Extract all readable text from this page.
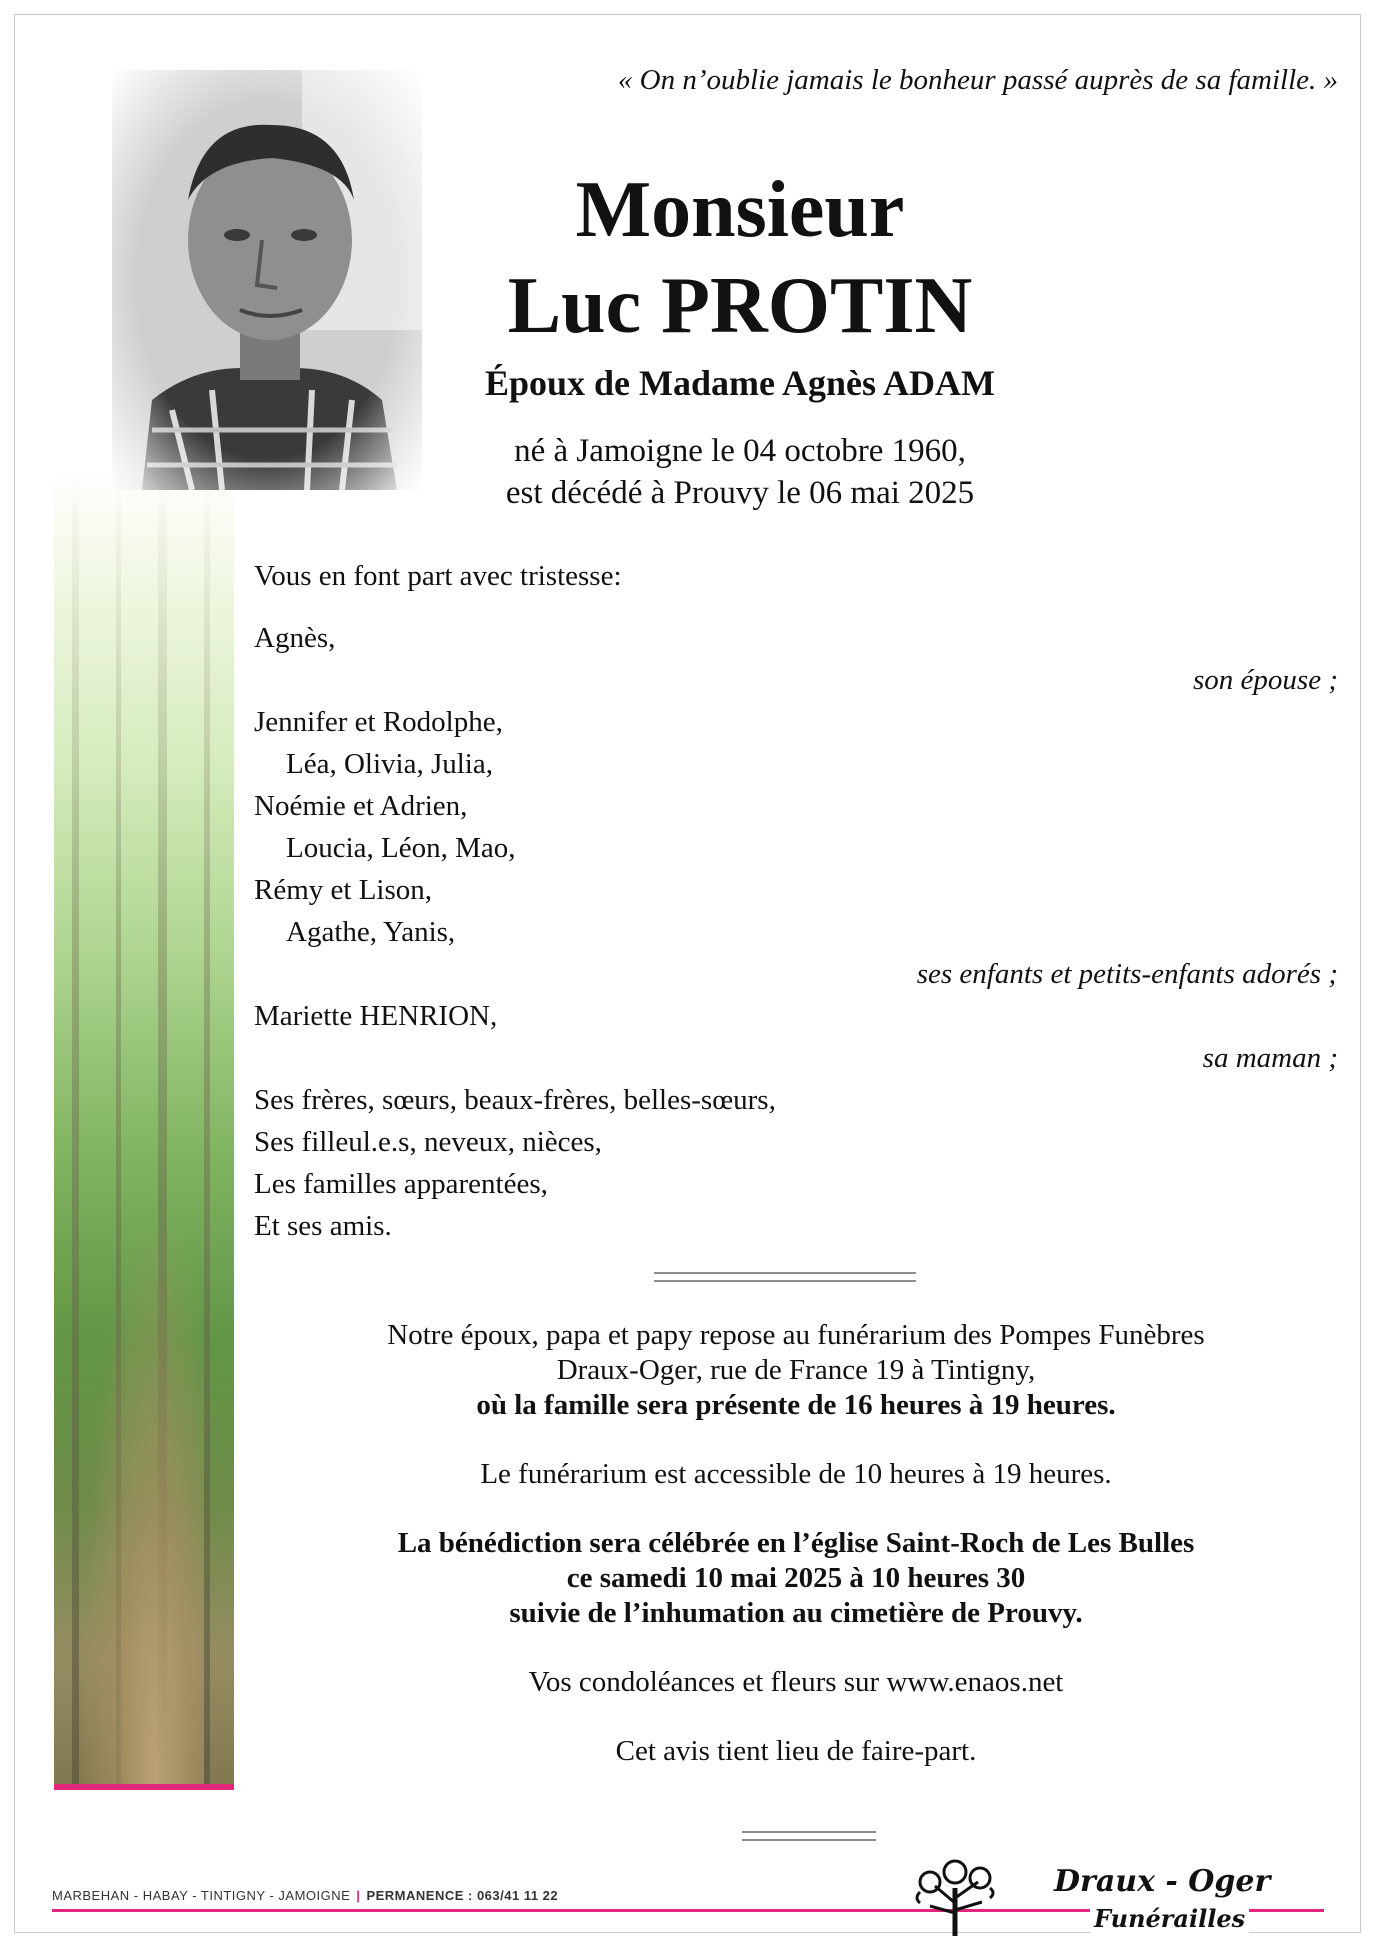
« On n’oublie jamais le bonheur passé auprès de sa famille. »
Monsieur
Luc PROTIN
Époux de Madame Agnès ADAM
né à Jamoigne le 04 octobre 1960,
est décédé à Prouvy le 06 mai 2025
Vous en font part avec tristesse:
Agnès,
son épouse ;
Jennifer et Rodolphe,
Léa, Olivia, Julia,
Noémie et Adrien,
Loucia, Léon, Mao,
Rémy et Lison,
Agathe, Yanis,
ses enfants et petits-enfants adorés ;
Mariette HENRION,
sa maman ;
Ses frères, sœurs, beaux-frères, belles-sœurs,
Ses filleul.e.s, neveux, nièces,
Les familles apparentées,
Et ses amis.

Notre époux, papa et papy repose au funérarium des Pompes Funèbres

Draux-Oger, rue de France 19 à Tintigny,

où la famille sera présente de 16 heures à 19 heures.

Le funérarium est accessible de 10 heures à 19 heures.

La bénédiction sera célébrée en l’église Saint-Roch de Les Bulles

ce samedi 10 mai 2025 à 10 heures 30

suivie de l’inhumation au cimetière de Prouvy.

Vos condoléances et fleurs sur www.enaos.net

Cet avis tient lieu de faire-part.

MARBEHAN - HABAY - TINTIGNY - JAMOIGNE | PERMANENCE : 063/41 11 22	Draux - Oger
Funérailles
